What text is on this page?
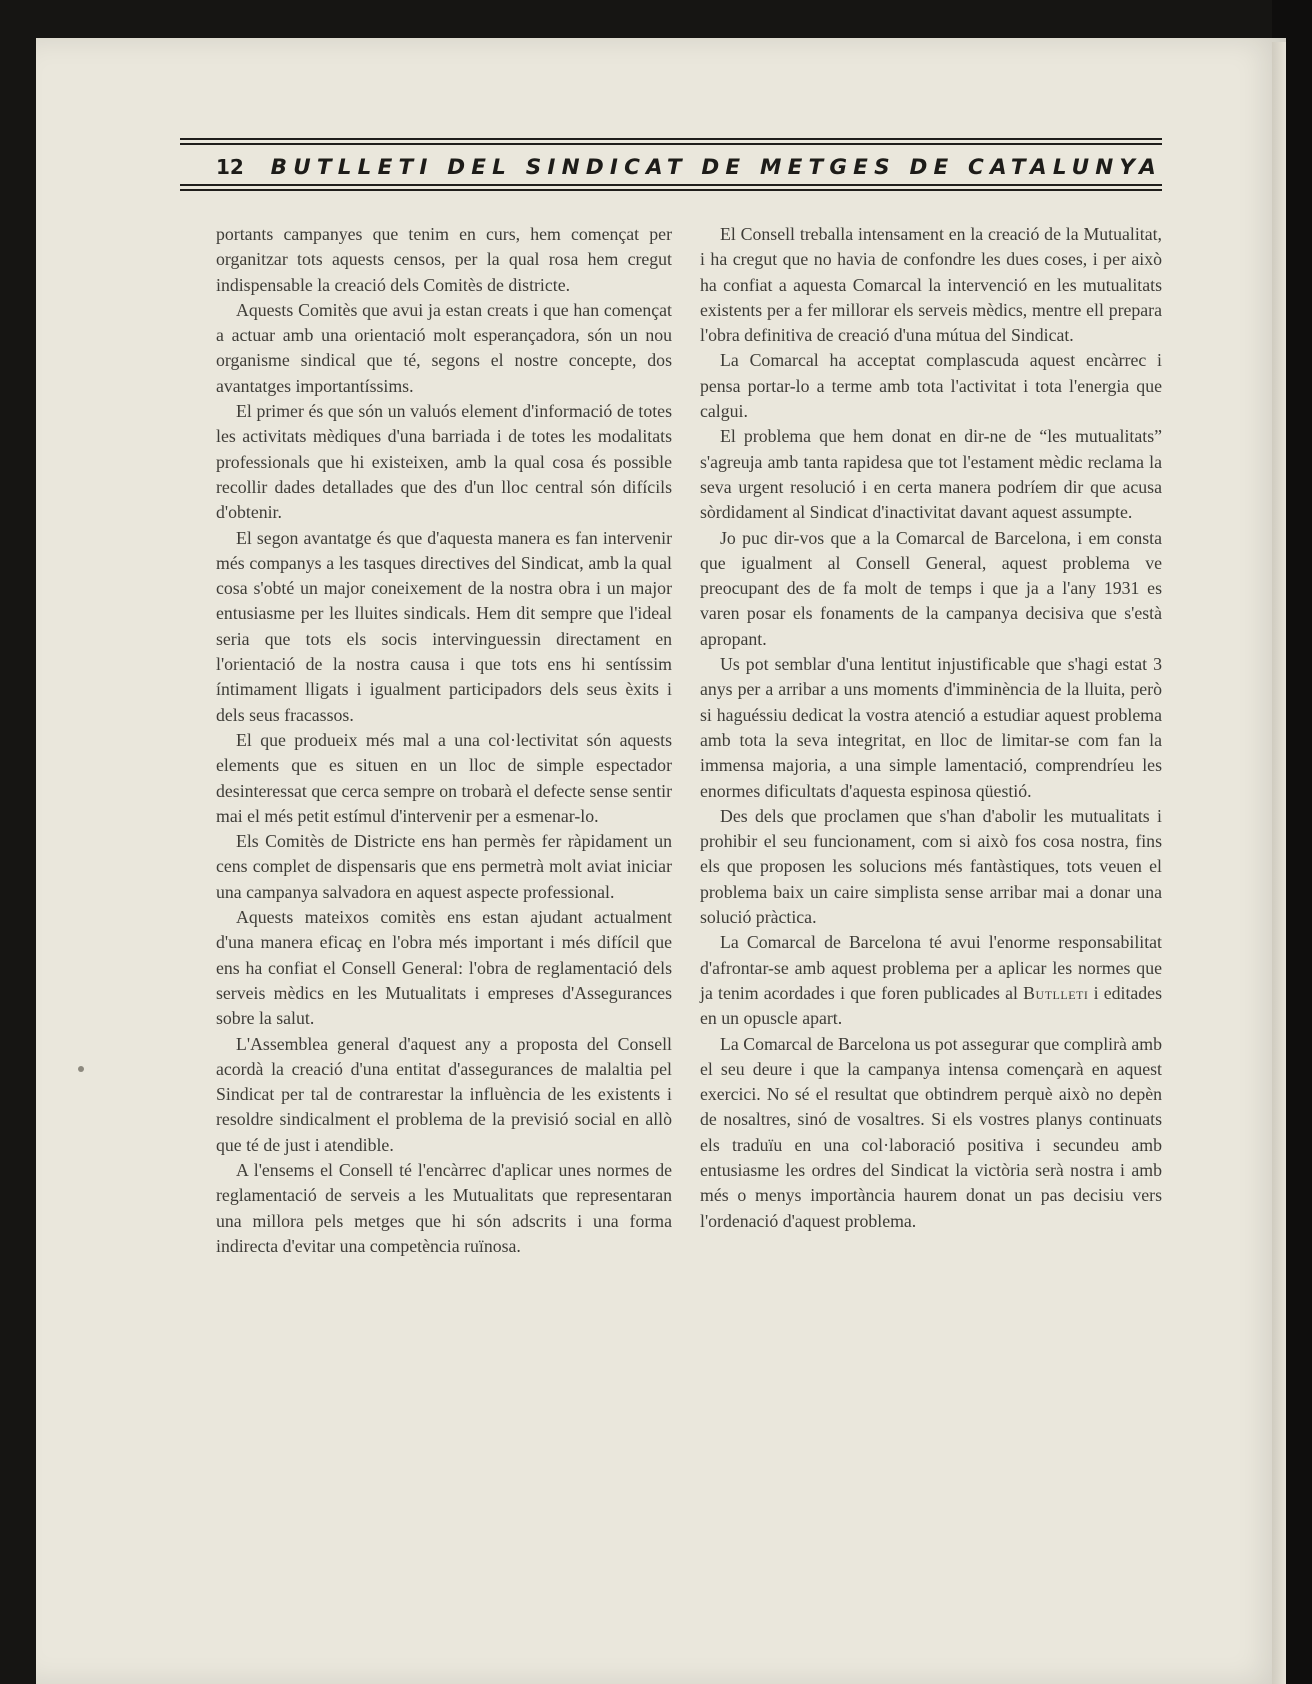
12	BUTLLETI DEL SINDICAT DE METGES DE CATALUNYA

portants campanyes que tenim en curs, hem començat per organitzar tots aquests censos, per la qual rosa hem cregut indispensable la creació dels Comitès de districte.

Aquests Comitès que avui ja estan creats i que han començat a actuar amb una orientació molt esperançadora, són un nou organisme sindical que té, segons el nostre concepte, dos avantatges importantíssims.

El primer és que són un valuós element d'informació de totes les activitats mèdiques d'una barriada i de totes les modalitats professionals que hi existeixen, amb la qual cosa és possible recollir dades detallades que des d'un lloc central són difícils d'obtenir.

El segon avantatge és que d'aquesta manera es fan intervenir més companys a les tasques directives del Sindicat, amb la qual cosa s'obté un major coneixement de la nostra obra i un major entusiasme per les lluites sindicals. Hem dit sempre que l'ideal seria que tots els socis intervinguessin directament en l'orientació de la nostra causa i que tots ens hi sentíssim íntimament lligats i igualment participadors dels seus èxits i dels seus fracassos.

El que produeix més mal a una col·lectivitat són aquests elements que es situen en un lloc de simple espectador desinteressat que cerca sempre on trobarà el defecte sense sentir mai el més petit estímul d'intervenir per a esmenar-lo.

Els Comitès de Districte ens han permès fer ràpidament un cens complet de dispensaris que ens permetrà molt aviat iniciar una campanya salvadora en aquest aspecte professional.

Aquests mateixos comitès ens estan ajudant actualment d'una manera eficaç en l'obra més important i més difícil que ens ha confiat el Consell General: l'obra de reglamentació dels serveis mèdics en les Mutualitats i empreses d'Assegurances sobre la salut.

L'Assemblea general d'aquest any a proposta del Consell acordà la creació d'una entitat d'assegurances de malaltia pel Sindicat per tal de contrarestar la influència de les existents i resoldre sindicalment el problema de la previsió social en allò que té de just i atendible.

A l'ensems el Consell té l'encàrrec d'aplicar unes normes de reglamentació de serveis a les Mutualitats que representaran una millora pels metges que hi són adscrits i una forma indirecta d'evitar una competència ruïnosa.

El Consell treballa intensament en la creació de la Mutualitat, i ha cregut que no havia de confondre les dues coses, i per això ha confiat a aquesta Comarcal la intervenció en les mutualitats existents per a fer millorar els serveis mèdics, mentre ell prepara l'obra definitiva de creació d'una mútua del Sindicat.

La Comarcal ha acceptat complascuda aquest encàrrec i pensa portar-lo a terme amb tota l'activitat i tota l'energia que calgui.

El problema que hem donat en dir-ne de “les mutualitats” s'agreuja amb tanta rapidesa que tot l'estament mèdic reclama la seva urgent resolució i en certa manera podríem dir que acusa sòrdidament al Sindicat d'inactivitat davant aquest assumpte.

Jo puc dir-vos que a la Comarcal de Barcelona, i em consta que igualment al Consell General, aquest problema ve preocupant des de fa molt de temps i que ja a l'any 1931 es varen posar els fonaments de la campanya decisiva que s'està apropant.

Us pot semblar d'una lentitut injustificable que s'hagi estat 3 anys per a arribar a uns moments d'imminència de la lluita, però si haguéssiu dedicat la vostra atenció a estudiar aquest problema amb tota la seva integritat, en lloc de limitar-se com fan la immensa majoria, a una simple lamentació, comprendríeu les enormes dificultats d'aquesta espinosa qüestió.

Des dels que proclamen que s'han d'abolir les mutualitats i prohibir el seu funcionament, com si això fos cosa nostra, fins els que proposen les solucions més fantàstiques, tots veuen el problema baix un caire simplista sense arribar mai a donar una solució pràctica.

La Comarcal de Barcelona té avui l'enorme responsabilitat d'afrontar-se amb aquest problema per a aplicar les normes que ja tenim acordades i que foren publicades al Butlleti i editades en un opuscle apart.

La Comarcal de Barcelona us pot assegurar que complirà amb el seu deure i que la campanya intensa començarà en aquest exercici. No sé el resultat que obtindrem perquè això no depèn de nosaltres, sinó de vosaltres. Si els vostres planys continuats els traduïu en una col·laboració positiva i secundeu amb entusiasme les ordres del Sindicat la victòria serà nostra i amb més o menys importància haurem donat un pas decisiu vers l'ordenació d'aquest problema.
